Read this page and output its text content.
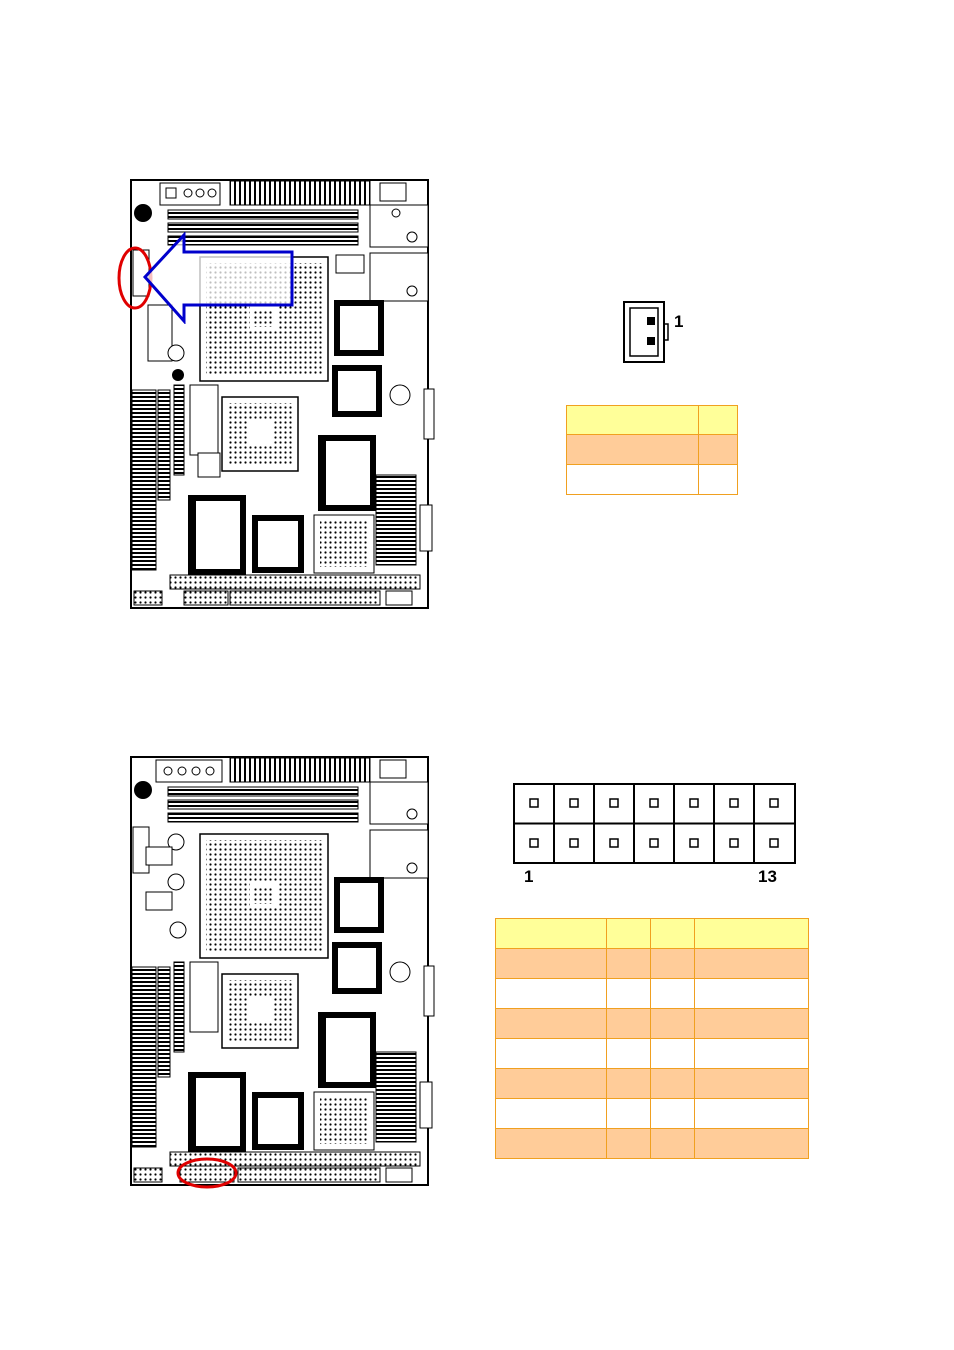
1

1	13
